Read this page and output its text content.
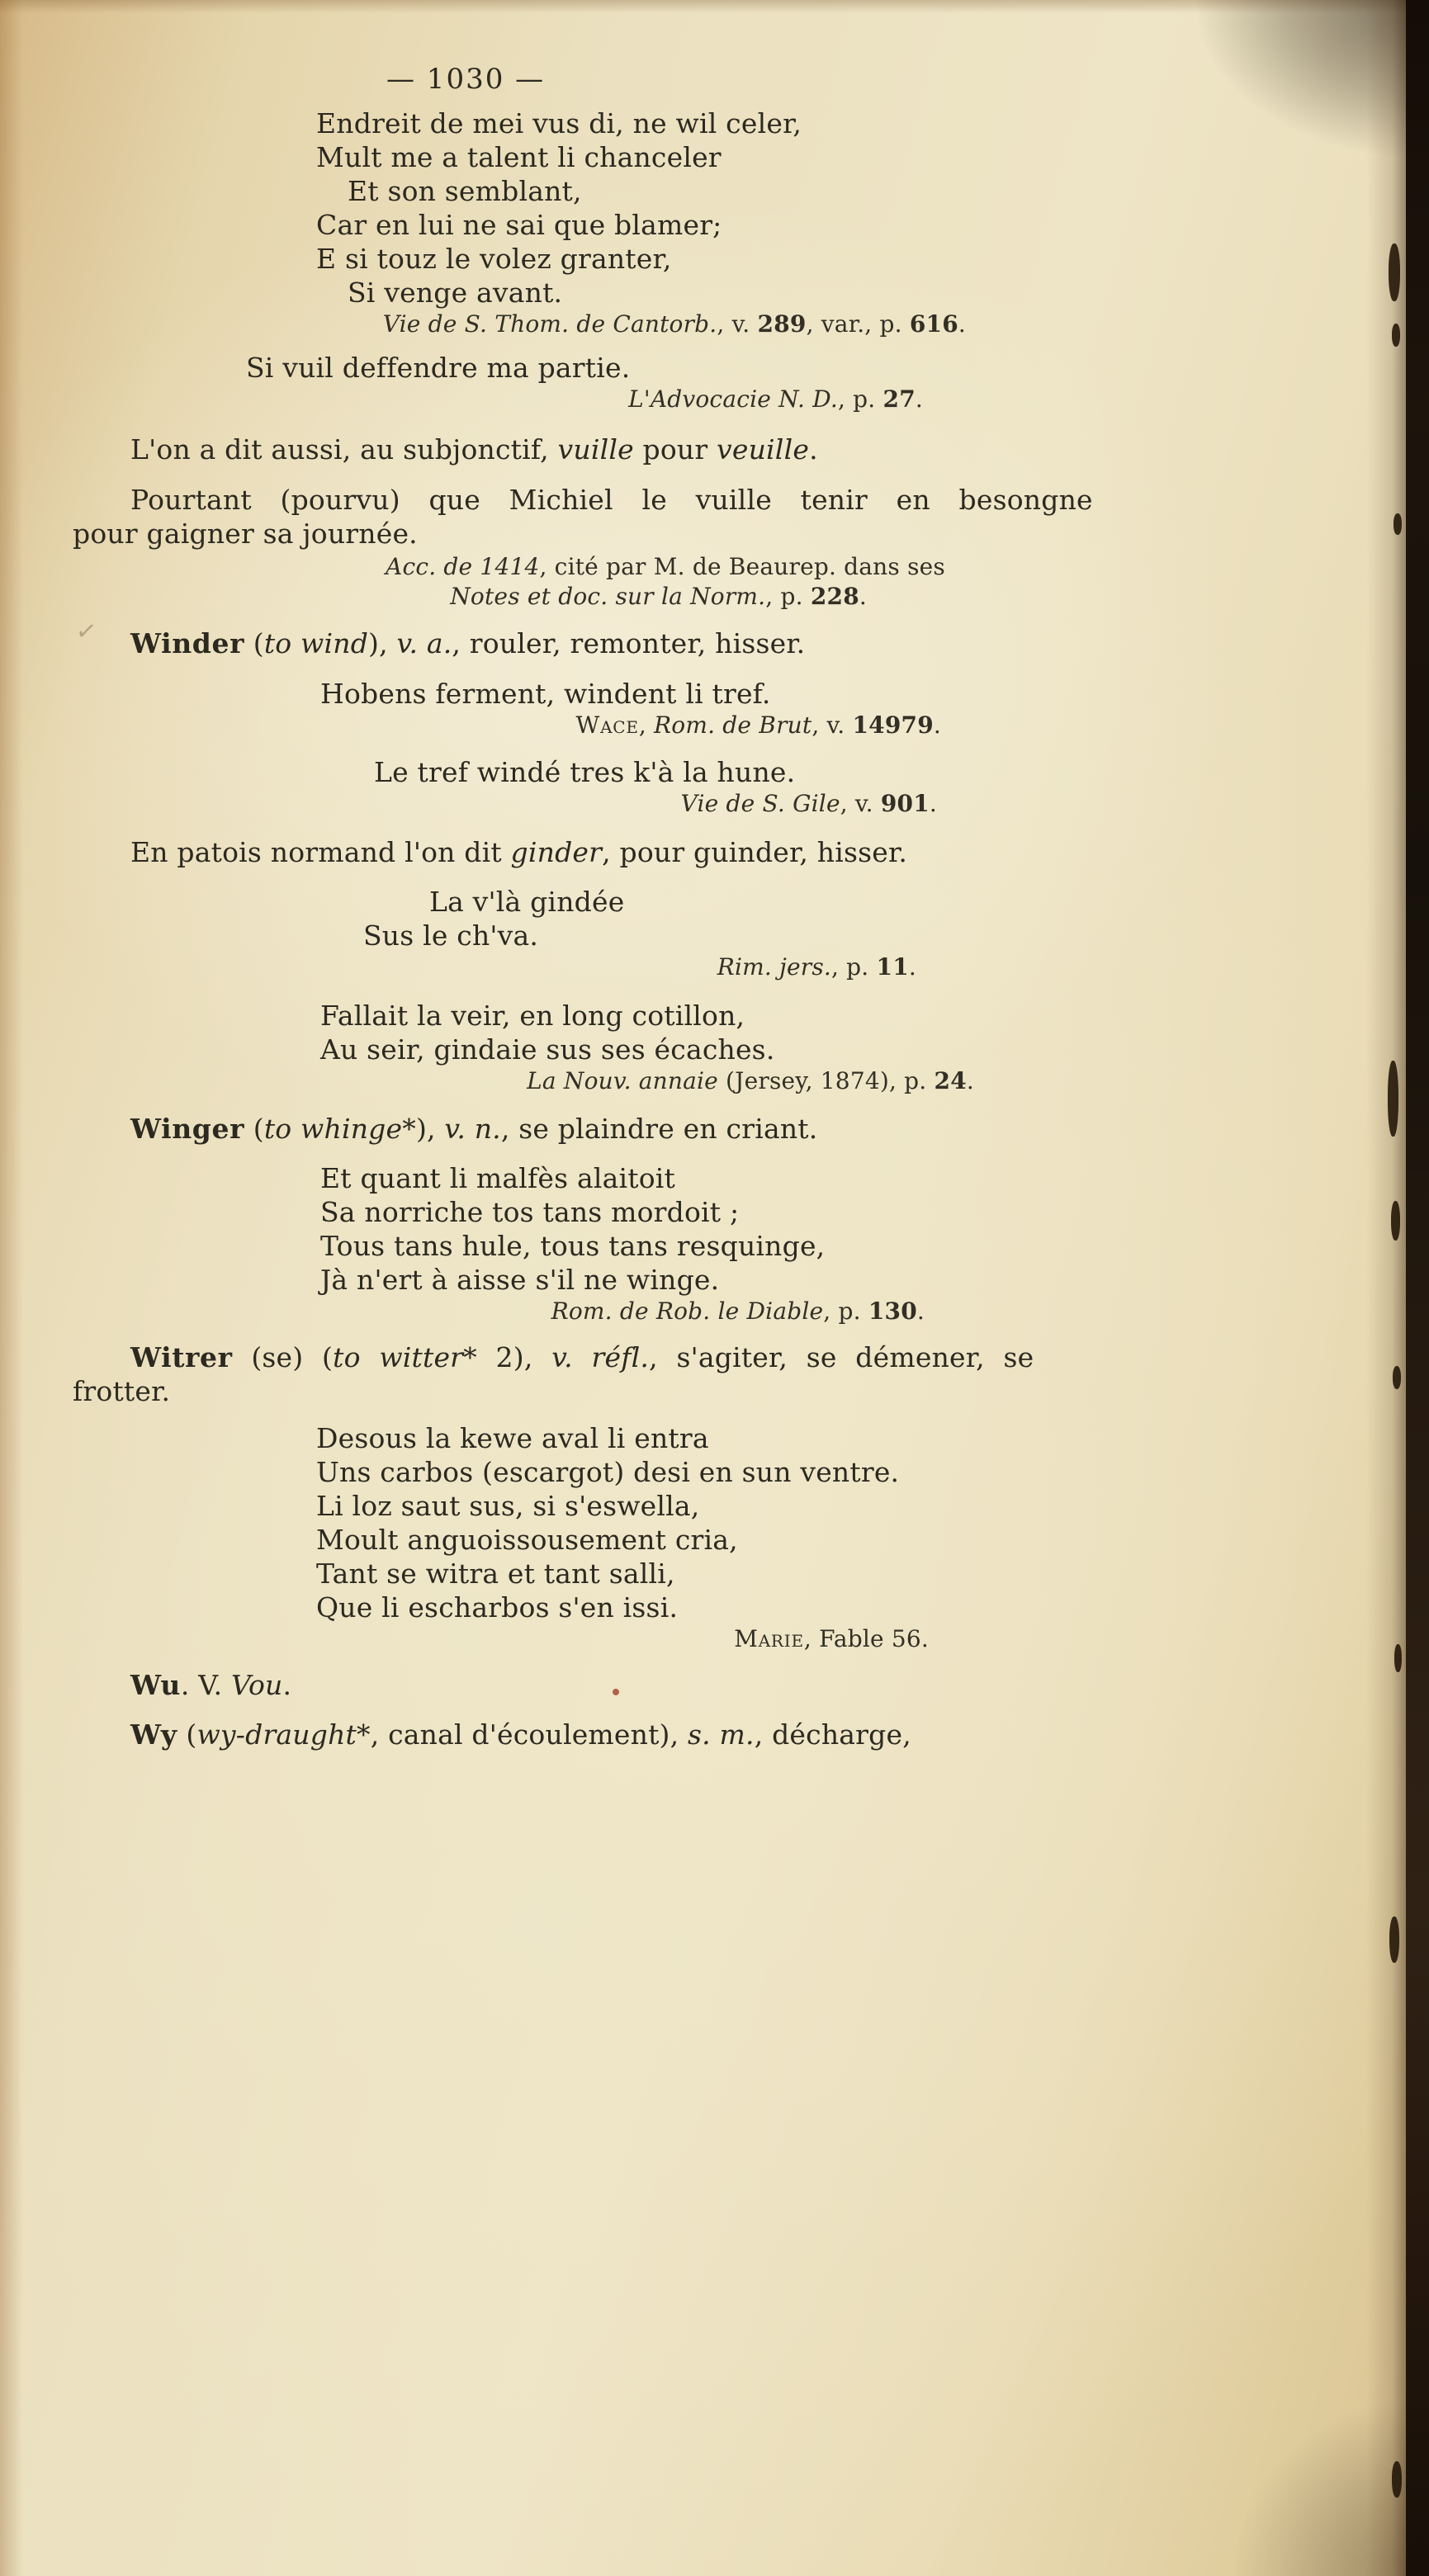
— 1030 —
Endreit de mei vus di, ne wil celer,
Mult me a talent li chanceler
Et son semblant,
Car en lui ne sai que blamer;
E si touz le volez granter,
Si venge avant.
Vie de S. Thom. de Cantorb., v. 289, var., p. 616.
Si vuil deffendre ma partie.
L'Advocacie N. D., p. 27.
L'on a dit aussi, au subjonctif, vuille pour veuille.
Pourtant (pourvu) que Michiel le vuille tenir en besongne
pour gaigner sa journée.
Acc. de 1414, cité par M. de Beaurep. dans ses
Notes et doc. sur la Norm., p. 228.
Winder (to wind), v. a., rouler, remonter, hisser.
Hobens ferment, windent li tref.
Wace, Rom. de Brut, v. 14979.
Le tref windé tres k'à la hune.
Vie de S. Gile, v. 901.
En patois normand l'on dit ginder, pour guinder, hisser.
La v'là gindée
Sus le ch'va.
Rim. jers., p. 11.
Fallait la veir, en long cotillon,
Au seir, gindaie sus ses écaches.
La Nouv. annaie (Jersey, 1874), p. 24.
Winger (to whinge*), v. n., se plaindre en criant.
Et quant li malfès alaitoit
Sa norriche tos tans mordoit ;
Tous tans hule, tous tans resquinge,
Jà n'ert à aisse s'il ne winge.
Rom. de Rob. le Diable, p. 130.
Witrer (se) (to witter* 2), v. réfl., s'agiter, se démener, se
frotter.
Desous la kewe aval li entra
Uns carbos (escargot) desi en sun ventre.
Li loz saut sus, si s'eswella,
Moult anguoissousement cria,
Tant se witra et tant salli,
Que li escharbos s'en issi.
Marie, Fable 56.
Wu. V. Vou.
Wy (wy-draught*, canal d'écoulement), s. m., décharge,
✓
